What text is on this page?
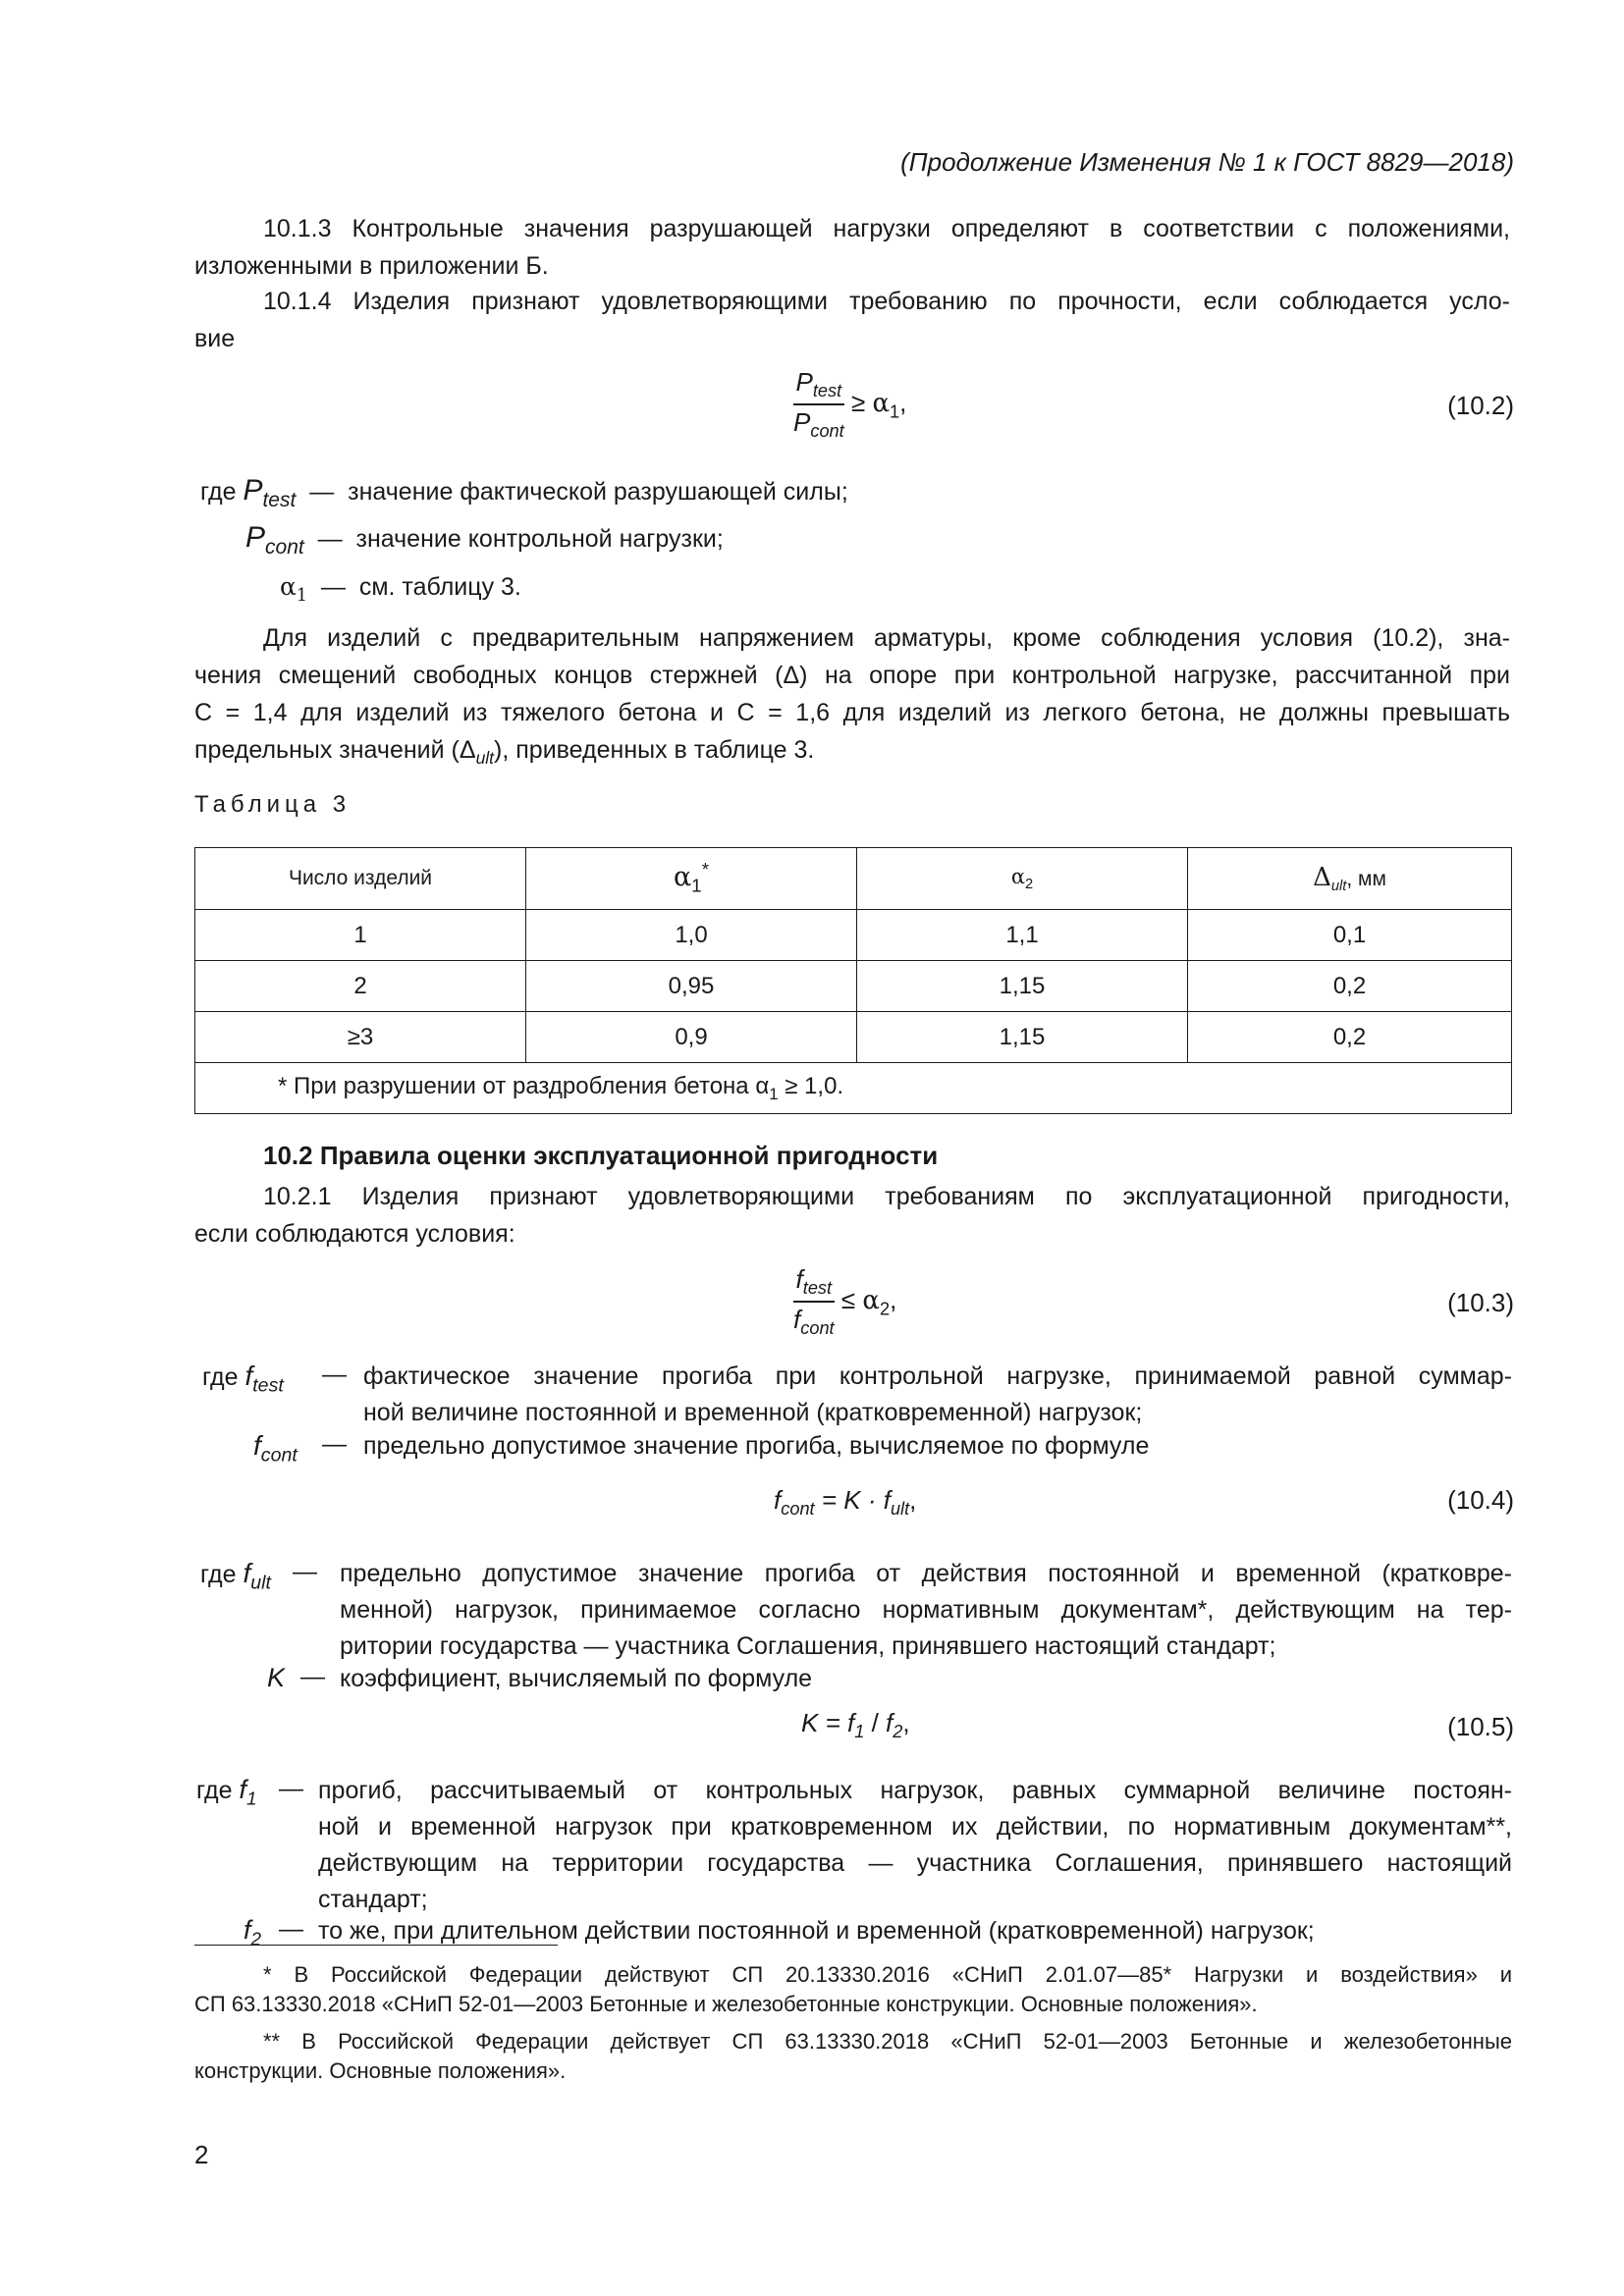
(Продолжение Изменения № 1 к ГОСТ 8829—2018)
10.1.3 Контрольные значения разрушающей нагрузки определяют в соответствии с положениями,
изложенными в приложении Б.
10.1.4 Изделия признают удовлетворяющими требованию по прочности, если соблюдается усло-
вие
$\frac{P_{test}}{P_{cont}} \ge \alpha_1$,	(10.2)
где $P_{test}$ — значение фактической разрушающей силы;
$P_{cont}$ — значение контрольной нагрузки;
$\alpha_1$ — см. таблицу 3.
Для изделий с предварительным напряжением арматуры, кроме соблюдения условия (10.2), зна-
чения смещений свободных концов стержней (Δ) на опоре при контрольной нагрузке, рассчитанной при
C = 1,4 для изделий из тяжелого бетона и C = 1,6 для изделий из легкого бетона, не должны превышать
предельных значений $(\Delta_{ult})$, приведенных в таблице 3.
Таблица 3
Число изделий	$\alpha_1^*$	$\alpha_2$	$\Delta_{ult}$, мм
1	1,0	1,1	0,1
2	0,95	1,15	0,2
≥3	0,9	1,15	0,2
* При разрушении от раздробления бетона $\alpha_1 \ge 1,0$.			
10.2 Правила оценки эксплуатационной пригодности
10.2.1 Изделия признают удовлетворяющими требованиям по эксплуатационной пригодности,
если соблюдаются условия:
$\frac{f_{test}}{f_{cont}} \le \alpha_2$,	(10.3)
где $f_{test}$ — фактическое значение прогиба при контрольной нагрузке, принимаемой равной суммар-
ной величине постоянной и временной (кратковременной) нагрузок;
$f_{cont}$ — предельно допустимое значение прогиба, вычисляемое по формуле
$f_{cont} = K \cdot f_{ult}$,	(10.4)
где $f_{ult}$ — предельно допустимое значение прогиба от действия постоянной и временной (кратковре-
менной) нагрузок, принимаемое согласно нормативным документам*, действующим на тер-
ритории государства — участника Соглашения, принявшего настоящий стандарт;
K — коэффициент, вычисляемый по формуле
$K = f_1 / f_2$,	(10.5)
где $f_1$ — прогиб, рассчитываемый от контрольных нагрузок, равных суммарной величине постоян-
ной и временной нагрузок при кратковременном их действии, по нормативным документам**,
действующим на территории государства — участника Соглашения, принявшего настоящий
стандарт;
$f_2$ — то же, при длительном действии постоянной и временной (кратковременной) нагрузок;
* В Российской Федерации действуют СП 20.13330.2016 «СНиП 2.01.07—85* Нагрузки и воздействия» и
СП 63.13330.2018 «СНиП 52-01—2003 Бетонные и железобетонные конструкции. Основные положения».
** В Российской Федерации действует СП 63.13330.2018 «СНиП 52-01—2003 Бетонные и железобетонные
конструкции. Основные положения».
2
